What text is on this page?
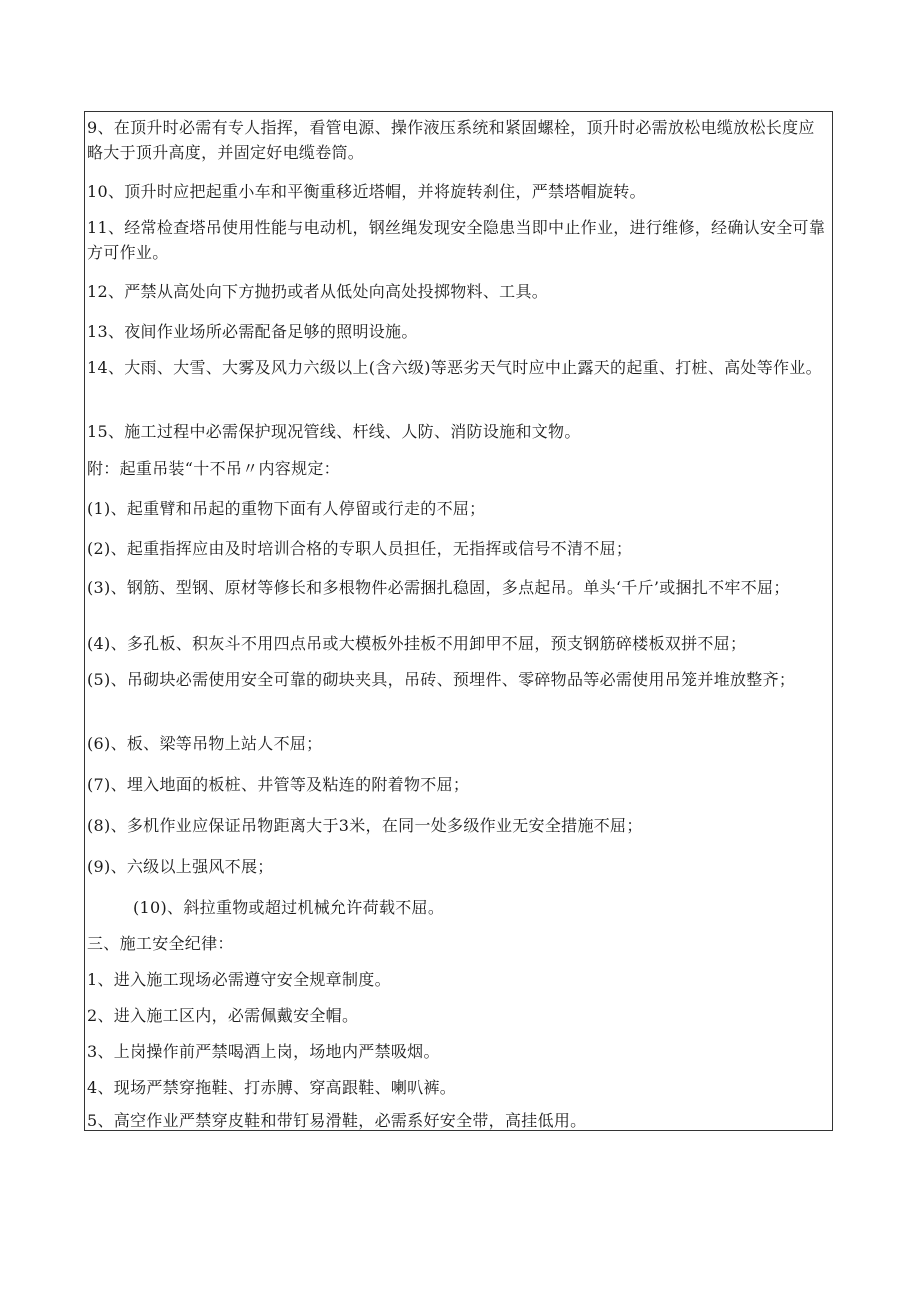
9、在顶升时必需有专人指挥，看管电源、操作液压系统和紧固螺栓，顶升时必需放松电缆放松长度应略大于顶升高度，并固定好电缆卷筒。
10、顶升时应把起重小车和平衡重移近塔帽，并将旋转刹住，严禁塔帽旋转。
11、经常检查塔吊使用性能与电动机，钢丝绳发现安全隐患当即中止作业，进行维修，经确认安全可靠方可作业。
12、严禁从高处向下方抛扔或者从低处向高处投掷物料、工具。
13、夜间作业场所必需配备足够的照明设施。
14、大雨、大雪、大雾及风力六级以上(含六级)等恶劣天气时应中止露天的起重、打桩、高处等作业。
15、施工过程中必需保护现况管线、杆线、人防、消防设施和文物。
附：起重吊装“十不吊〃内容规定：
(1)、起重臂和吊起的重物下面有人停留或行走的不屈；
(2)、起重指挥应由及时培训合格的专职人员担任，无指挥或信号不清不屈；
(3)、钢筋、型钢、原材等修长和多根物件必需捆扎稳固，多点起吊。单头‘千斤’或捆扎不牢不屈；
(4)、多孔板、积灰斗不用四点吊或大模板外挂板不用卸甲不屈，预支钢筋碎楼板双拼不屈；
(5)、吊砌块必需使用安全可靠的砌块夹具，吊砖、预埋件、零碎物品等必需使用吊笼并堆放整齐；
(6)、板、梁等吊物上站人不屈；
(7)、埋入地面的板桩、井管等及粘连的附着物不屈；
(8)、多机作业应保证吊物距离大于3米，在同一处多级作业无安全措施不屈；
(9)、六级以上强风不展；
(10)、斜拉重物或超过机械允许荷载不屈。
三、施工安全纪律：
1、进入施工现场必需遵守安全规章制度。
2、进入施工区内，必需佩戴安全帽。
3、上岗操作前严禁喝酒上岗，场地内严禁吸烟。
4、现场严禁穿拖鞋、打赤膊、穿高跟鞋、喇叭裤。
5、高空作业严禁穿皮鞋和带钉易滑鞋，必需系好安全带，高挂低用。
